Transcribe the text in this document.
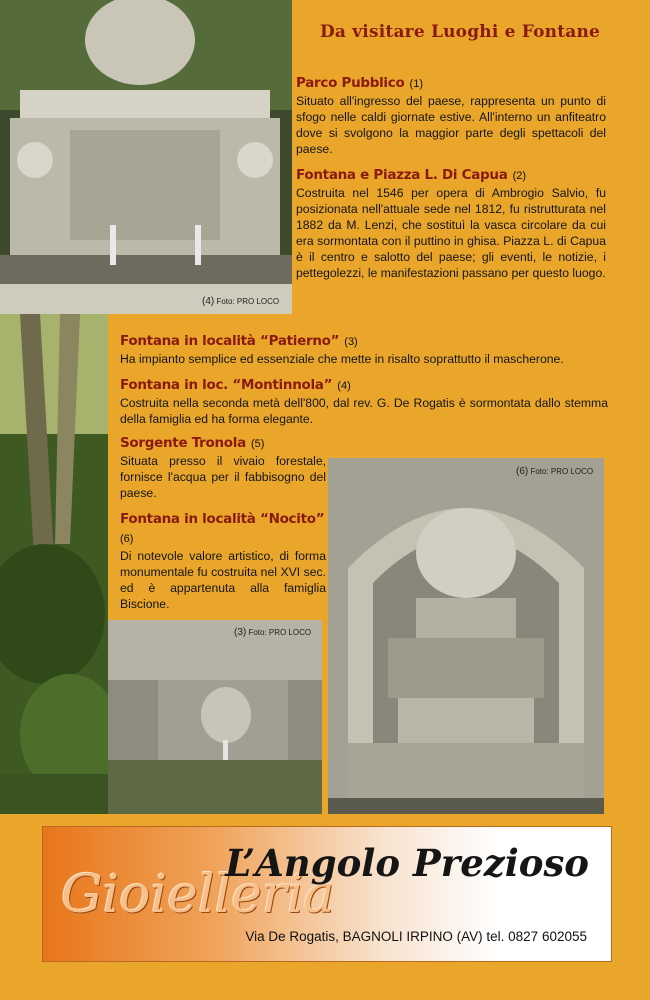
(4) Foto: PRO LOCO
(6) Foto: PRO LOCO
(3) Foto: PRO LOCO
Da visitare Luoghi e Fontane
Parco Pubblico (1)

Situato all'ingresso del paese, rappresenta un punto di sfogo nelle caldi giornate estive. All'interno un anfiteatro dove si svolgono la maggior parte degli spettacoli del paese.

Fontana e Piazza L. Di Capua (2)

Costruita nel 1546 per opera di Ambrogio Salvio, fu posizionata nell'attuale sede nel 1812, fu ristrutturata nel 1882 da M. Lenzi, che sostituì la vasca circolare da cui era sormontata con il puttino in ghisa. Piazza L. di Capua è il centro e salotto del paese; gli eventi, le notizie, i pettegolezzi, le manifestazioni passano per questo luogo.

Fontana in località “Patierno” (3)

Ha impianto semplice ed essenziale che mette in risalto soprattutto il mascherone.

Fontana in loc. “Montinnola” (4)

Costruita nella seconda metà dell'800, dal rev. G. De Rogatis è sormontata dallo stemma della famiglia ed ha forma elegante.

Sorgente Tronola (5)

Situata presso il vivaio forestale, fornisce l'acqua per il fabbisogno del paese.

Fontana in località “Nocito” (6)

Di notevole valore artistico, di forma monumentale fu costruita nel XVI sec. ed è appartenuta alla famiglia Biscione.

Gioielleria
L’Angolo Prezioso
Via De Rogatis, BAGNOLI IRPINO (AV) tel. 0827 602055
